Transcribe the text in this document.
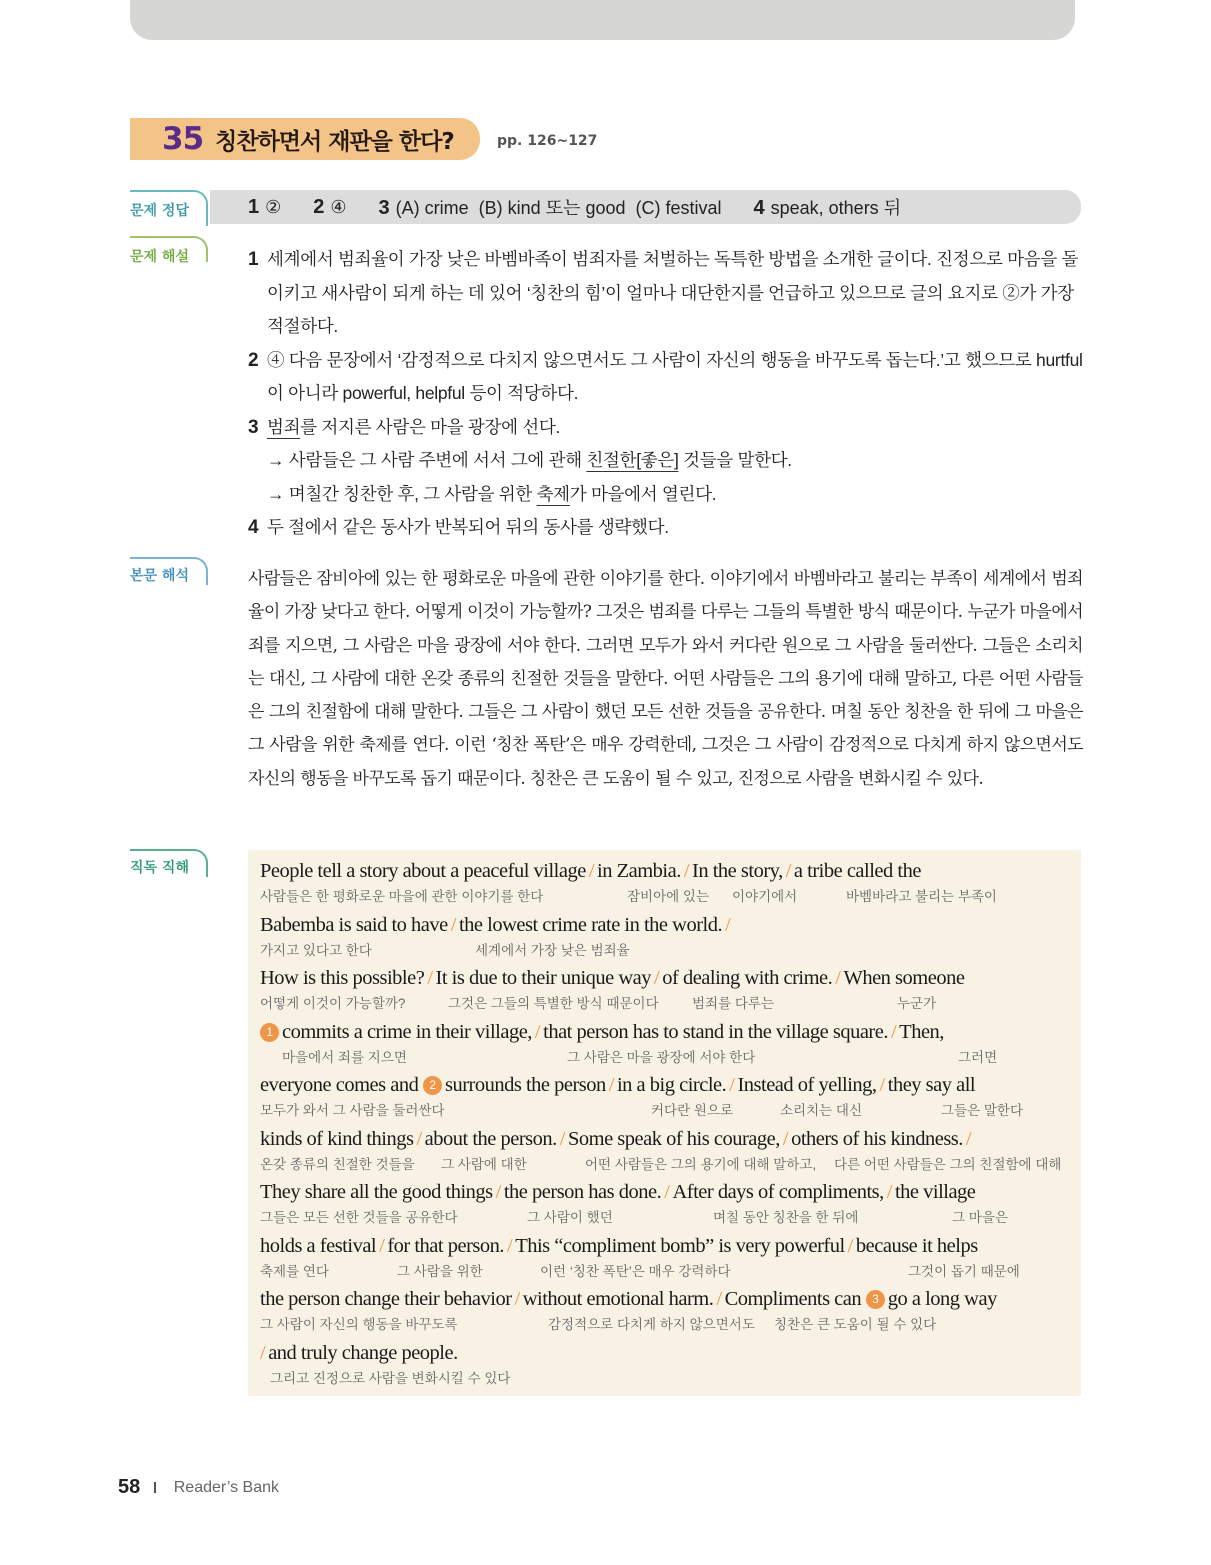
35 칭찬하면서 재판을 한다?	pp. 126~127
문제 정답	1 ② 2 ④ 3 (A) crime  (B) kind 또는 good  (C) festival 4 speak, others 뒤
문제 해설	1 세계에서 범죄율이 가장 낮은 바벰바족이 범죄자를 처벌하는 독특한 방법을 소개한 글이다. 진정으로 마음을 돌이키고 새사람이 되게 하는 데 있어 ‘칭찬의 힘’이 얼마나 대단한지를 언급하고 있으므로 글의 요지로 ②가 가장 적절하다.
2 ④ 다음 문장에서 ‘감정적으로 다치지 않으면서도 그 사람이 자신의 행동을 바꾸도록 돕는다.’고 했으므로 hurtful이 아니라 powerful, helpful 등이 적당하다.
3 범죄를 저지른 사람은 마을 광장에 선다.
→ 사람들은 그 사람 주변에 서서 그에 관해 친절한[좋은] 것들을 말한다.
→ 며칠간 칭찬한 후, 그 사람을 위한 축제가 마을에서 열린다.
4 두 절에서 같은 동사가 반복되어 뒤의 동사를 생략했다.
본문 해석	사람들은 잠비아에 있는 한 평화로운 마을에 관한 이야기를 한다. 이야기에서 바벰바라고 불리는 부족이 세계에서 범죄율이 가장 낮다고 한다. 어떻게 이것이 가능할까? 그것은 범죄를 다루는 그들의 특별한 방식 때문이다. 누군가 마을에서 죄를 지으면, 그 사람은 마을 광장에 서야 한다. 그러면 모두가 와서 커다란 원으로 그 사람을 둘러싼다. 그들은 소리치는 대신, 그 사람에 대한 온갖 종류의 친절한 것들을 말한다. 어떤 사람들은 그의 용기에 대해 말하고, 다른 어떤 사람들은 그의 친절함에 대해 말한다. 그들은 그 사람이 했던 모든 선한 것들을 공유한다. 며칠 동안 칭찬을 한 뒤에 그 마을은 그 사람을 위한 축제를 연다. 이런 ‘칭찬 폭탄’은 매우 강력한데, 그것은 그 사람이 감정적으로 다치게 하지 않으면서도 자신의 행동을 바꾸도록 돕기 때문이다. 칭찬은 큰 도움이 될 수 있고, 진정으로 사람을 변화시킬 수 있다.
직독 직해	People tell a story about a peaceful village / in Zambia. / In the story, / a tribe called the
사람들은 한 평화로운 마을에 관한 이야기를 한다	잠비아에 있는 이야기에서	바벰바라고 불리는 부족이
Babemba is said to have / the lowest crime rate in the world. /
가지고 있다고 한다	세계에서 가장 낮은 범죄율
How is this possible? / It is due to their unique way / of dealing with crime. / When someone
어떻게 이것이 가능할까?	그것은 그들의 특별한 방식 때문이다 범죄를 다루는	누군가
1 commits a crime in their village, / that person has to stand in the village square. / Then,
마을에서 죄를 지으면	그 사람은 마을 광장에 서야 한다	그러면
everyone comes and 2 surrounds the person / in a big circle. / Instead of yelling, / they say all
모두가 와서 그 사람을 둘러싼다	커다란 원으로	소리치는 대신	그들은 말한다
kinds of kind things / about the person. / Some speak of his courage, / others of his kindness. /
온갖 종류의 친절한 것들을 그 사람에 대한	어떤 사람들은 그의 용기에 대해 말하고, 다른 어떤 사람들은 그의 친절함에 대해
They share all the good things / the person has done. / After days of compliments, / the village
그들은 모든 선한 것들을 공유한다	그 사람이 했던	며칠 동안 칭찬을 한 뒤에	그 마을은
holds a festival / for that person. / This “compliment bomb” is very powerful / because it helps
축제를 연다	그 사람을 위한	이런 ‘칭찬 폭탄’은 매우 강력하다	그것이 돕기 때문에
the person change their behavior / without emotional harm. / Compliments can 3 go a long way
그 사람이 자신의 행동을 바꾸도록	감정적으로 다치게 하지 않으면서도 칭찬은 큰 도움이 될 수 있다
/ and truly change people.
그리고 진정으로 사람을 변화시킬 수 있다
58 Reader’s Bank
